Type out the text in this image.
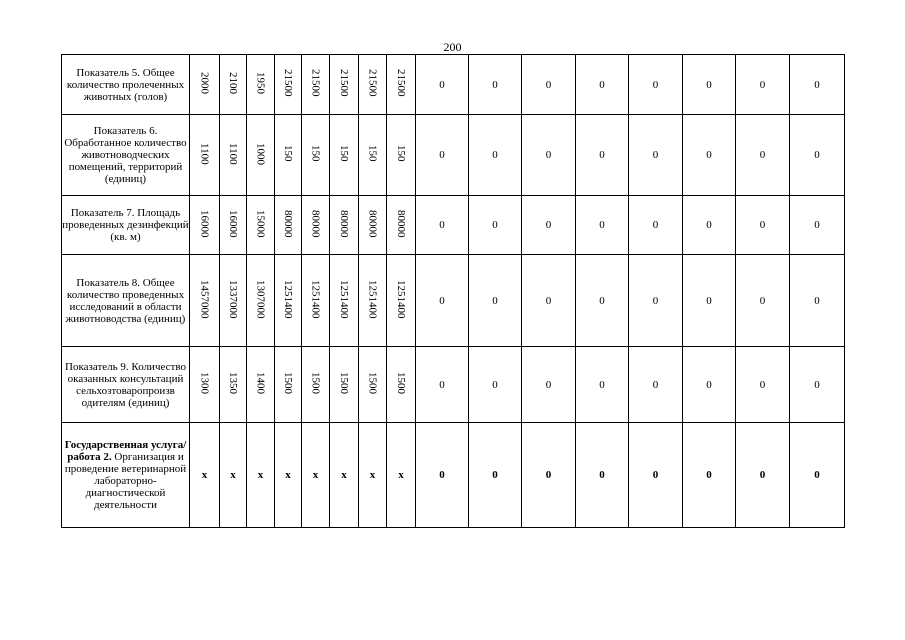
200
Показатель 5. Общее количество пролеченных животных (голов)	2000	2100	1950	21500	21500	21500	21500	21500	0	0	0	0	0	0	0	0
Показатель 6. Обработанное количество животноводческих помещений, территорий (единиц)	1100	1100	1000	150	150	150	150	150	0	0	0	0	0	0	0	0
Показатель 7. Площадь проведенных дезинфекций (кв. м)	16000	16000	15000	80000	80000	80000	80000	80000	0	0	0	0	0	0	0	0
Показатель 8. Общее количество проведенных исследований в области животноводства (единиц)	1457000	1337000	1307000	1251400	1251400	1251400	1251400	1251400	0	0	0	0	0	0	0	0
Показатель 9. Количество оказанных консультаций сельхозтоваропроизв одителям (единиц)	1300	1350	1400	1500	1500	1500	1500	1500	0	0	0	0	0	0	0	0
Государственная услуга/работа 2. Организация и проведение ветеринарной лабораторно-диагностической деятельности	x	x	x	x	x	x	x	x	0	0	0	0	0	0	0	0
